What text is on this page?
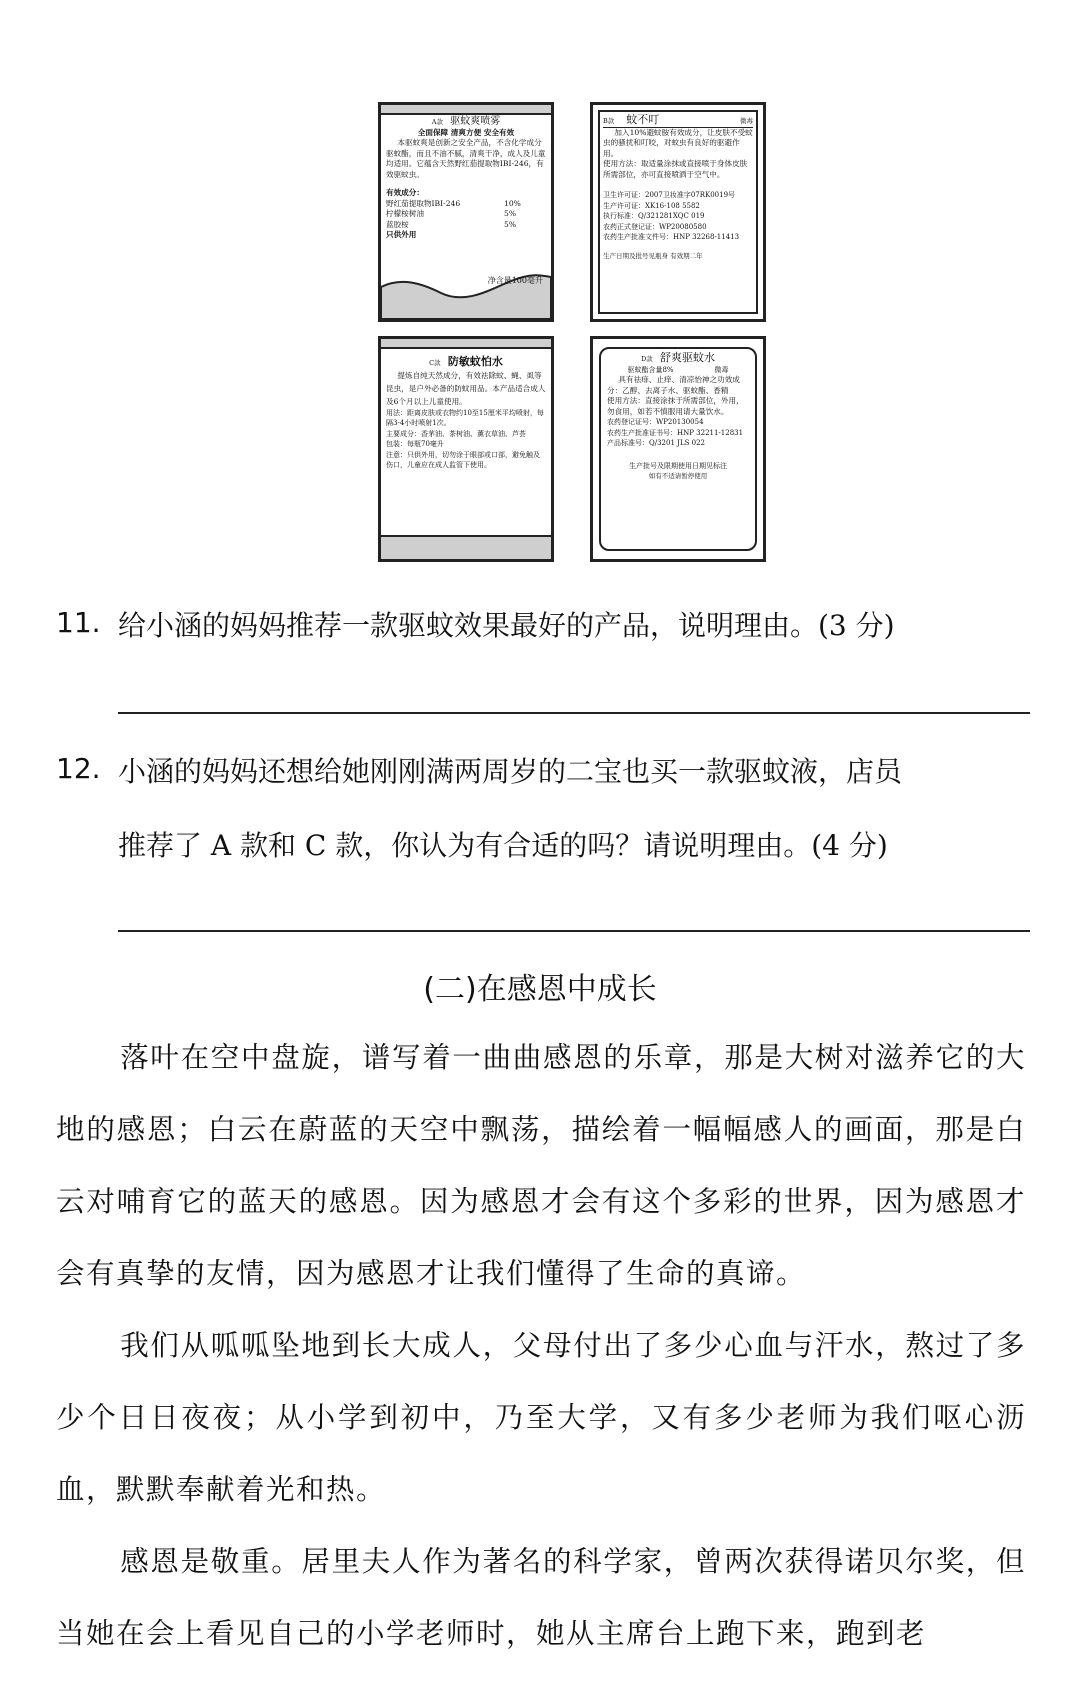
A款 驱蚊爽喷雾
全面保障 清爽方便 安全有效
本驱蚊爽是创新之安全产品，不含化学成分驱蚊酯，而且不油不腻，清爽干净，成人及儿童均适用。它蕴含天然野红茄提取物IBI-246，有效驱蚊虫。
有效成分：
野红茄提取物IBI-246	10%
柠檬桉树油	5%
蓝胶桉	5%
只供外用
净含量100毫升
B款 蚊不叮	微毒
加入10%避蚊胺有效成分，让皮肤不受蚊虫的骚扰和叮咬，对蚊虫有良好的驱避作用。
使用方法：取适量涂抹或直接喷于身体皮肤所需部位，亦可直接喷洒于空气中。
卫生许可证：2007卫妆准字07RK0019号
生产许可证：XK16-108 5582
执行标准：Q/321281XQC 019
农药正式登记证：WP20080580
农药生产批准文件号：HNP 32268-11413
生产日期及批号见瓶身 有效期二年
C款 防敏蚊怕水
提炼自纯天然成分，有效祛除蚊、蝇、虱等昆虫，是户外必备的防蚊用品。本产品适合成人及6个月以上儿童使用。
用法：距离皮肤或衣物约10至15厘米平均喷射，每隔3-4小时喷射1次。
主要成分：香茅油、茶树油、薰衣草油、芦荟
包装：每瓶70毫升
注意：只供外用，切勿涂于眼部或口部，避免触及伤口，儿童应在成人监管下使用。
D款 舒爽驱蚊水
驱蚊酯含量8%	微毒
具有祛痱、止痒、清凉怡神之功效成分：乙醇、去离子水、驱蚊酯、香精
使用方法：直接涂抹于所需部位，外用，勿食用，如若不慎服用请大量饮水。
农药登记证号：WP20130054
农药生产批准证书号：HNP 32211-12831
产品标准号：Q/3201 JLS 022
生产批号及限期使用日期见标注
如有不适请暂停使用
11. 给小涵的妈妈推荐一款驱蚊效果最好的产品，说明理由。(3 分)
12. 小涵的妈妈还想给她刚刚满两周岁的二宝也买一款驱蚊液，店员
推荐了 A 款和 C 款，你认为有合适的吗？请说明理由。(4 分)
(二)在感恩中成长
落叶在空中盘旋，谱写着一曲曲感恩的乐章，那是大树对滋养它的大地的感恩；白云在蔚蓝的天空中飘荡，描绘着一幅幅感人的画面，那是白云对哺育它的蓝天的感恩。因为感恩才会有这个多彩的世界，因为感恩才会有真挚的友情，因为感恩才让我们懂得了生命的真谛。
我们从呱呱坠地到长大成人，父母付出了多少心血与汗水，熬过了多少个日日夜夜；从小学到初中，乃至大学，又有多少老师为我们呕心沥血，默默奉献着光和热。
感恩是敬重。居里夫人作为著名的科学家，曾两次获得诺贝尔奖，但当她在会上看见自己的小学老师时，她从主席台上跑下来，跑到老
